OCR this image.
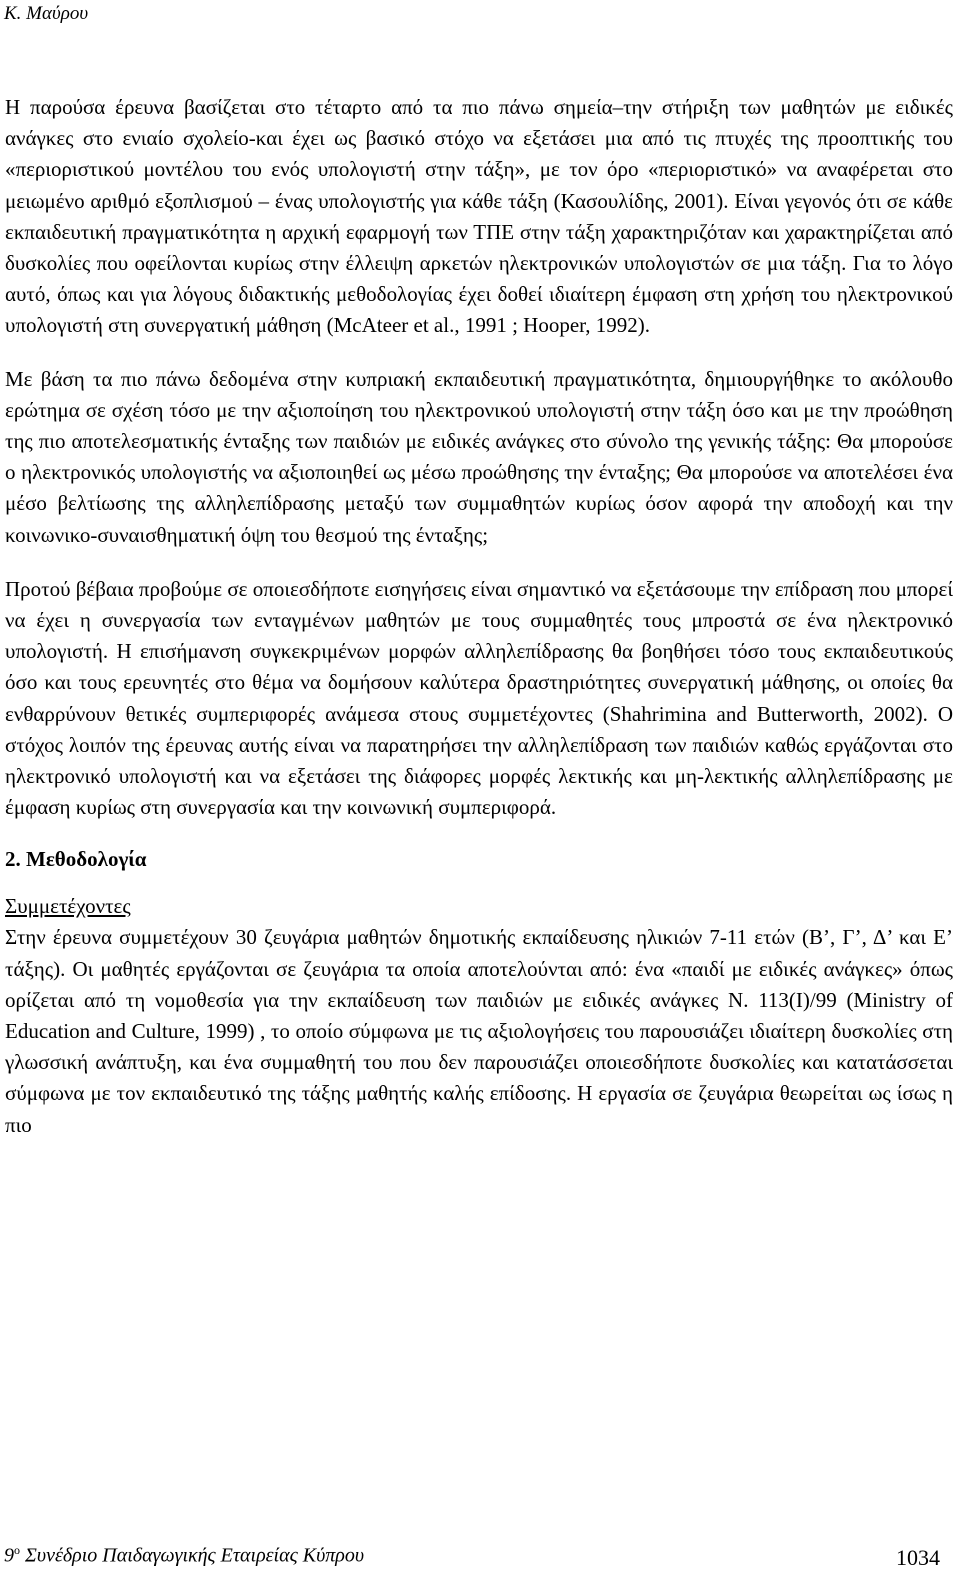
Κ. Μαύρου

Η παρούσα έρευνα βασίζεται στο τέταρτο από τα πιο πάνω σημεία–την στήριξη των μαθητών με ειδικές ανάγκες στο ενιαίο σχολείο-και έχει ως βασικό στόχο να εξετάσει μια από τις πτυχές της προοπτικής του «περιοριστικού μοντέλου του ενός υπολογιστή στην τάξη», με τον όρο «περιοριστικό» να αναφέρεται στο μειωμένο αριθμό εξοπλισμού – ένας υπολογιστής για κάθε τάξη (Κασουλίδης, 2001). Είναι γεγονός ότι σε κάθε εκπαιδευτική πραγματικότητα η αρχική εφαρμογή των ΤΠΕ στην τάξη χαρακτηριζόταν και χαρακτηρίζεται από δυσκολίες που οφείλονται κυρίως στην έλλειψη αρκετών ηλεκτρονικών υπολογιστών σε μια τάξη. Για το λόγο αυτό, όπως και για λόγους διδακτικής μεθοδολογίας έχει δοθεί ιδιαίτερη έμφαση στη χρήση του ηλεκτρονικού υπολογιστή στη συνεργατική μάθηση (McAteer et al., 1991 ; Hooper, 1992).

Με βάση τα πιο πάνω δεδομένα στην κυπριακή εκπαιδευτική πραγματικότητα, δημιουργήθηκε το ακόλουθο ερώτημα σε σχέση τόσο με την αξιοποίηση του ηλεκτρονικού υπολογιστή στην τάξη όσο και με την προώθηση της πιο αποτελεσματικής ένταξης των παιδιών με ειδικές ανάγκες στο σύνολο της γενικής τάξης: Θα μπορούσε ο ηλεκτρονικός υπολογιστής να αξιοποιηθεί ως μέσω προώθησης την ένταξης; Θα μπορούσε να αποτελέσει ένα μέσο βελτίωσης της αλληλεπίδρασης μεταξύ των συμμαθητών κυρίως όσον αφορά την αποδοχή και την κοινωνικο-συναισθηματική όψη του θεσμού της ένταξης;

Προτού βέβαια προβούμε σε οποιεσδήποτε εισηγήσεις είναι σημαντικό να εξετάσουμε την επίδραση που μπορεί να έχει η συνεργασία των ενταγμένων μαθητών με τους συμμαθητές τους μπροστά σε ένα ηλεκτρονικό υπολογιστή. Η επισήμανση συγκεκριμένων μορφών αλληλεπίδρασης θα βοηθήσει τόσο τους εκπαιδευτικούς όσο και τους ερευνητές στο θέμα να δομήσουν καλύτερα δραστηριότητες συνεργατική μάθησης, οι οποίες θα ενθαρρύνουν θετικές συμπεριφορές ανάμεσα στους συμμετέχοντες (Shahrimina and Butterworth, 2002). Ο στόχος λοιπόν της έρευνας αυτής είναι να παρατηρήσει την αλληλεπίδραση των παιδιών καθώς εργάζονται στο ηλεκτρονικό υπολογιστή και να εξετάσει της διάφορες μορφές λεκτικής και μη-λεκτικής αλληλεπίδρασης με έμφαση κυρίως στη συνεργασία και την κοινωνική συμπεριφορά.

2. Μεθοδολογία
Συμμετέχοντες

Στην έρευνα συμμετέχουν 30 ζευγάρια μαθητών δημοτικής εκπαίδευσης ηλικιών 7-11 ετών (Β’, Γ’, Δ’ και Ε’ τάξης). Οι μαθητές εργάζονται σε ζευγάρια τα οποία αποτελούνται από: ένα «παιδί με ειδικές ανάγκες» όπως ορίζεται από τη νομοθεσία για την εκπαίδευση των παιδιών με ειδικές ανάγκες Ν. 113(Ι)/99 (Ministry of Education and Culture, 1999) , το οποίο σύμφωνα με τις αξιολογήσεις του παρουσιάζει ιδιαίτερη δυσκολίες στη γλωσσική ανάπτυξη, και ένα συμμαθητή του που δεν παρουσιάζει οποιεσδήποτε δυσκολίες και κατατάσσεται σύμφωνα με τον εκπαιδευτικό της τάξης μαθητής καλής επίδοσης. Η εργασία σε ζευγάρια θεωρείται ως ίσως η πιο

9$^o$ Συνέδριο Παιδαγωγικής Εταιρείας Κύπρου	1034
